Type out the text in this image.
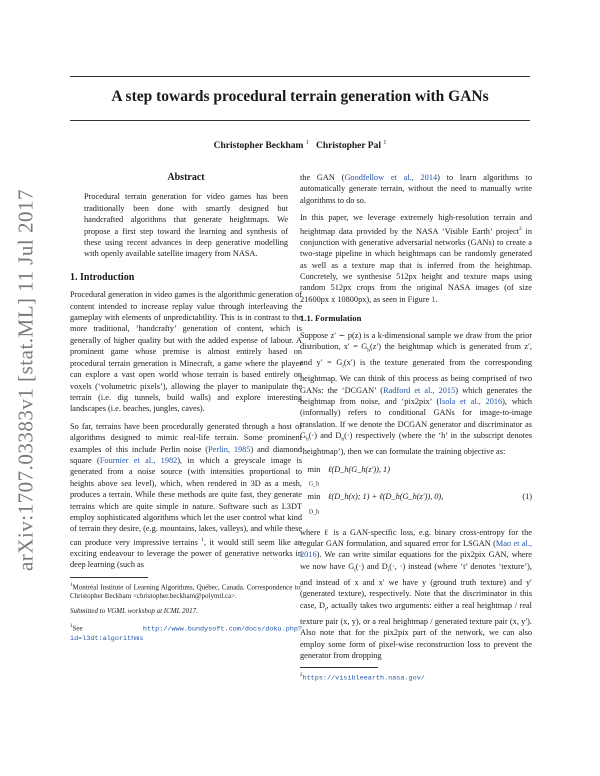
arXiv:1707.03383v1 [stat.ML] 11 Jul 2017
A step towards procedural terrain generation with GANs
Christopher Beckham $^1$ Christopher Pal $^1$
Abstract

Procedural terrain generation for video games has been traditionally been done with smartly designed but handcrafted algorithms that generate heightmaps. We propose a first step toward the learning and synthesis of these using recent advances in deep generative modelling with openly available satellite imagery from NASA.

1. Introduction

Procedural generation in video games is the algorithmic generation of content intended to increase replay value through interleaving the gameplay with elements of unpredictability. This is in contrast to the more traditional, ‘handcrafty’ generation of content, which is generally of higher quality but with the added expense of labour. A prominent game whose premise is almost entirely based on procedural terrain generation is Minecraft, a game where the player can explore a vast open world whose terrain is based entirely on voxels (‘volumetric pixels’), allowing the player to manipulate the terrain (i.e. dig tunnels, build walls) and explore interesting landscapes (i.e. beaches, jungles, caves).

So far, terrains have been procedurally generated through a host of algorithms designed to mimic real-life terrain. Some prominent examples of this include Perlin noise (Perlin, 1985) and diamond square (Fournier et al., 1982), in which a greyscale image is generated from a noise source (with intensities proportional to heights above sea level), which, when rendered in 3D as a mesh, produces a terrain. While these methods are quite fast, they generate terrains which are quite simple in nature. Software such as L3DT employ sophisticated algorithms which let the user control what kind of terrain they desire, (e.g. mountains, lakes, valleys), and while these can produce very impressive terrains $^1$, it would still seem like an exciting endeavour to leverage the power of generative networks in deep learning (such as

$^1$Montréal Institute of Learning Algorithms, Québec, Canada. Correspondence to: Christopher Beckham <christopher.beckham@polymtl.ca>.

Submitted to VGML workshop at ICML 2017.

$^1$See	http://www.bundysoft.com/docs/doku.php?id=l3dt:algorithms

the GAN (Goodfellow et al., 2014) to learn algorithms to automatically generate terrain, without the need to manually write algorithms to do so.

In this paper, we leverage extremely high-resolution terrain and heightmap data provided by the NASA ‘Visible Earth’ project$^2$ in conjunction with generative adversarial networks (GANs) to create a two-stage pipeline in which heightmaps can be randomly generated as well as a texture map that is inferred from the heightmap. Concretely, we synthesise 512px height and texture maps using random 512px crops from the original NASA images (of size 21600px x 10800px), as seen in Figure 1.

1.1. Formulation

Suppose z′ ∼ p(z) is a k-dimensional sample we draw from the prior distribution, $x' = G_h(z')$ the heightmap which is generated from z′, and $y' = G_t(x')$ is the texture generated from the corresponding heightmap. We can think of this process as being comprised of two GANs: the ‘DCGAN’ (Radford et al., 2015) which generates the heightmap from noise, and ‘pix2pix’ (Isola et al., 2016), which (informally) refers to conditional GANs for image-to-image translation. If we denote the DCGAN generator and discriminator as $G_h(\cdot)$ and $D_h(\cdot)$ respectively (where the ‘h’ in the subscript denotes ‘heightmap’), then we can formulate the training objective as:

min
$_{G\_h}$
ℓ(D_h(G_h(z′)), 1)
min
$_{D\_h}$
ℓ(D_h(x); 1) + ℓ(D_h(G_h(z′)), 0),	(1)

where ℓ is a GAN-specific loss, e.g. binary cross-entropy for the regular GAN formulation, and squared error for LSGAN (Mao et al., 2016). We can write similar equations for the pix2pix GAN, where we now have $G_t(\cdot)$ and $D_t(\cdot$, ·) instead (where ‘t’ denotes ‘texture’), and instead of x and x′ we have y (ground truth texture) and y′ (generated texture), respectively. Note that the discriminator in this case, $D_t$, actually takes two arguments: either a real heightmap / real texture pair (x, y), or a real heightmap / generated texture pair (x, y′). Also note that for the pix2pix part of the network, we can also employ some form of pixel-wise reconstruction loss to prevent the generator from dropping

$^2$https://visibleearth.nasa.gov/
